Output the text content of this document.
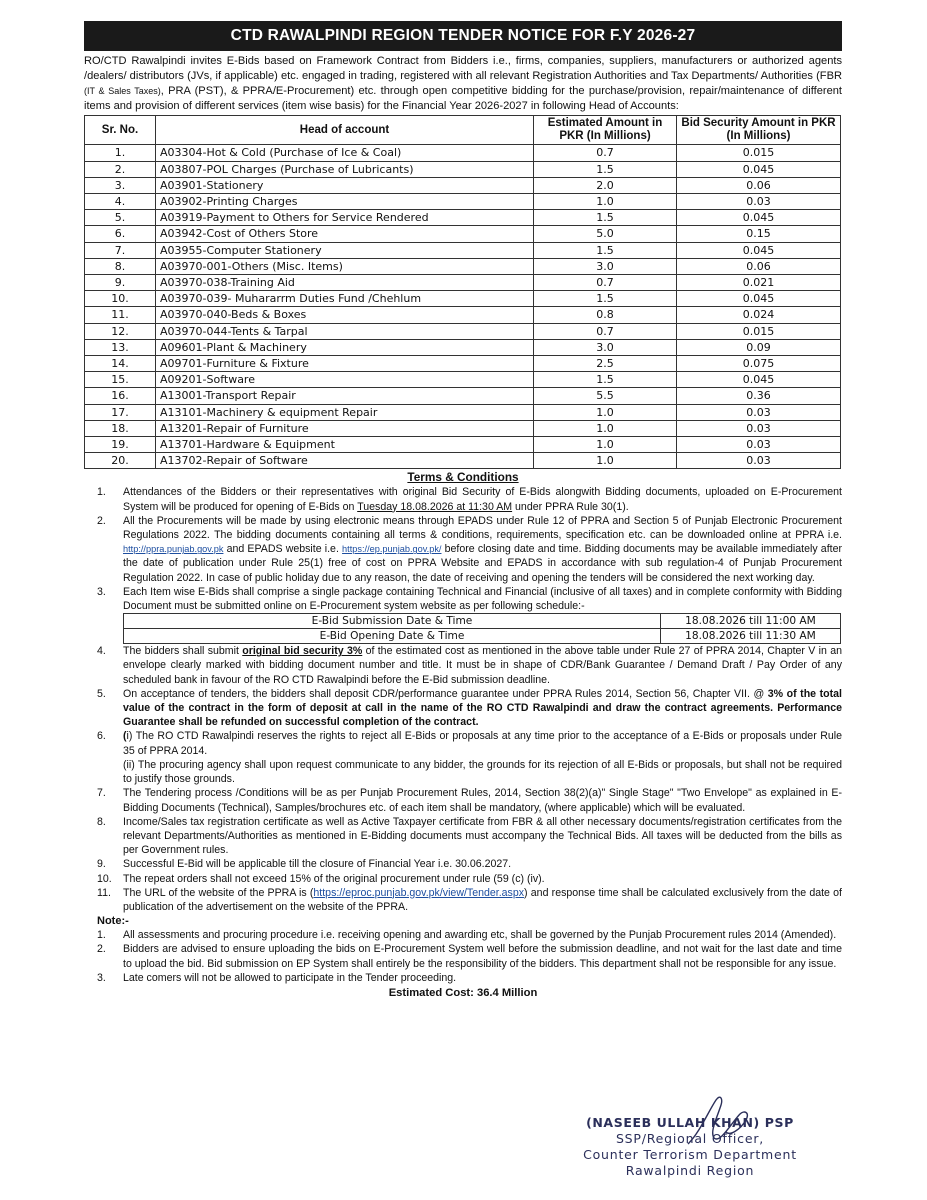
CTD RAWALPINDI REGION TENDER NOTICE FOR F.Y 2026-27
RO/CTD Rawalpindi invites E-Bids based on Framework Contract from Bidders i.e., firms, companies, suppliers, manufacturers or authorized agents /dealers/ distributors (JVs, if applicable) etc. engaged in trading, registered with all relevant Registration Authorities and Tax Departments/ Authorities (FBR (IT & Sales Taxes), PRA (PST), & PPRA/E-Procurement) etc. through open competitive bidding for the purchase/provision, repair/maintenance of different items and provision of different services (item wise basis) for the Financial Year 2026-2027 in following Head of Accounts:
Sr. No.	Head of account	Estimated Amount in PKR (In Millions)	Bid Security Amount in PKR (In Millions)
1.	A03304-Hot & Cold (Purchase of Ice & Coal)	0.7	0.015
2.	A03807-POL Charges (Purchase of Lubricants)	1.5	0.045
3.	A03901-Stationery	2.0	0.06
4.	A03902-Printing Charges	1.0	0.03
5.	A03919-Payment to Others for Service Rendered	1.5	0.045
6.	A03942-Cost of Others Store	5.0	0.15
7.	A03955-Computer Stationery	1.5	0.045
8.	A03970-001-Others (Misc. Items)	3.0	0.06
9.	A03970-038-Training Aid	0.7	0.021
10.	A03970-039- Muhararrm Duties Fund /Chehlum	1.5	0.045
11.	A03970-040-Beds & Boxes	0.8	0.024
12.	A03970-044-Tents & Tarpal	0.7	0.015
13.	A09601-Plant & Machinery	3.0	0.09
14.	A09701-Furniture & Fixture	2.5	0.075
15.	A09201-Software	1.5	0.045
16.	A13001-Transport Repair	5.5	0.36
17.	A13101-Machinery & equipment Repair	1.0	0.03
18.	A13201-Repair of Furniture	1.0	0.03
19.	A13701-Hardware & Equipment	1.0	0.03
20.	A13702-Repair of Software	1.0	0.03
Terms & Conditions
1. Attendances of the Bidders or their representatives with original Bid Security of E-Bids alongwith Bidding documents, uploaded on E-Procurement System will be produced for opening of E-Bids on Tuesday 18.08.2026 at 11:30 AM under PPRA Rule 30(1).
2. All the Procurements will be made by using electronic means through EPADS under Rule 12 of PPRA and Section 5 of Punjab Electronic Procurement Regulations 2022. The bidding documents containing all terms & conditions, requirements, specification etc. can be downloaded online at PPRA i.e. http://ppra.punjab.gov.pk and EPADS website i.e. https://ep.punjab.gov.pk/ before closing date and time. Bidding documents may be available immediately after the date of publication under Rule 25(1) free of cost on PPRA Website and EPADS in accordance with sub regulation-4 of Punjab Procurement Regulation 2022. In case of public holiday due to any reason, the date of receiving and opening the tenders will be considered the next working day.
3. Each Item wise E-Bids shall comprise a single package containing Technical and Financial (inclusive of all taxes) and in complete conformity with Bidding Document must be submitted online on E-Procurement system website as per following schedule:-
E-Bid Submission Date & Time	18.08.2026 till 11:00 AM
E-Bid Opening Date & Time	18.08.2026 till 11:30 AM
4. The bidders shall submit original bid security 3% of the estimated cost as mentioned in the above table under Rule 27 of PPRA 2014, Chapter V in an envelope clearly marked with bidding document number and title. It must be in shape of CDR/Bank Guarantee / Demand Draft / Pay Order of any scheduled bank in favour of the RO CTD Rawalpindi before the E-Bid submission deadline.
5. On acceptance of tenders, the bidders shall deposit CDR/performance guarantee under PPRA Rules 2014, Section 56, Chapter VII. @ 3% of the total value of the contract in the form of deposit at call in the name of the RO CTD Rawalpindi and draw the contract agreements. Performance Guarantee shall be refunded on successful completion of the contract.
6. (i) The RO CTD Rawalpindi reserves the rights to reject all E-Bids or proposals at any time prior to the acceptance of a E-Bids or proposals under Rule 35 of PPRA 2014.
(ii) The procuring agency shall upon request communicate to any bidder, the grounds for its rejection of all E-Bids or proposals, but shall not be required to justify those grounds.
7. The Tendering process /Conditions will be as per Punjab Procurement Rules, 2014, Section 38(2)(a)" Single Stage" "Two Envelope" as explained in E-Bidding Documents (Technical), Samples/brochures etc. of each item shall be mandatory, (where applicable) which will be evaluated.
8. Income/Sales tax registration certificate as well as Active Taxpayer certificate from FBR & all other necessary documents/registration certificates from the relevant Departments/Authorities as mentioned in E-Bidding documents must accompany the Technical Bids. All taxes will be deducted from the bills as per Government rules.
9. Successful E-Bid will be applicable till the closure of Financial Year i.e. 30.06.2027.
10. The repeat orders shall not exceed 15% of the original procurement under rule (59 (c) (iv).
11. The URL of the website of the PPRA is (https://eproc.punjab.gov.pk/view/Tender.aspx) and response time shall be calculated exclusively from the date of publication of the advertisement on the website of the PPRA.
Note:-
1. All assessments and procuring procedure i.e. receiving opening and awarding etc, shall be governed by the Punjab Procurement rules 2014 (Amended).
2. Bidders are advised to ensure uploading the bids on E-Procurement System well before the submission deadline, and not wait for the last date and time to upload the bid. Bid submission on EP System shall entirely be the responsibility of the bidders. This department shall not be responsible for any issue.
3. Late comers will not be allowed to participate in the Tender proceeding.
Estimated Cost: 36.4 Million
(NASEEB ULLAH KHAN) PSP
SSP/Regional Officer,
Counter Terrorism Department
Rawalpindi Region
